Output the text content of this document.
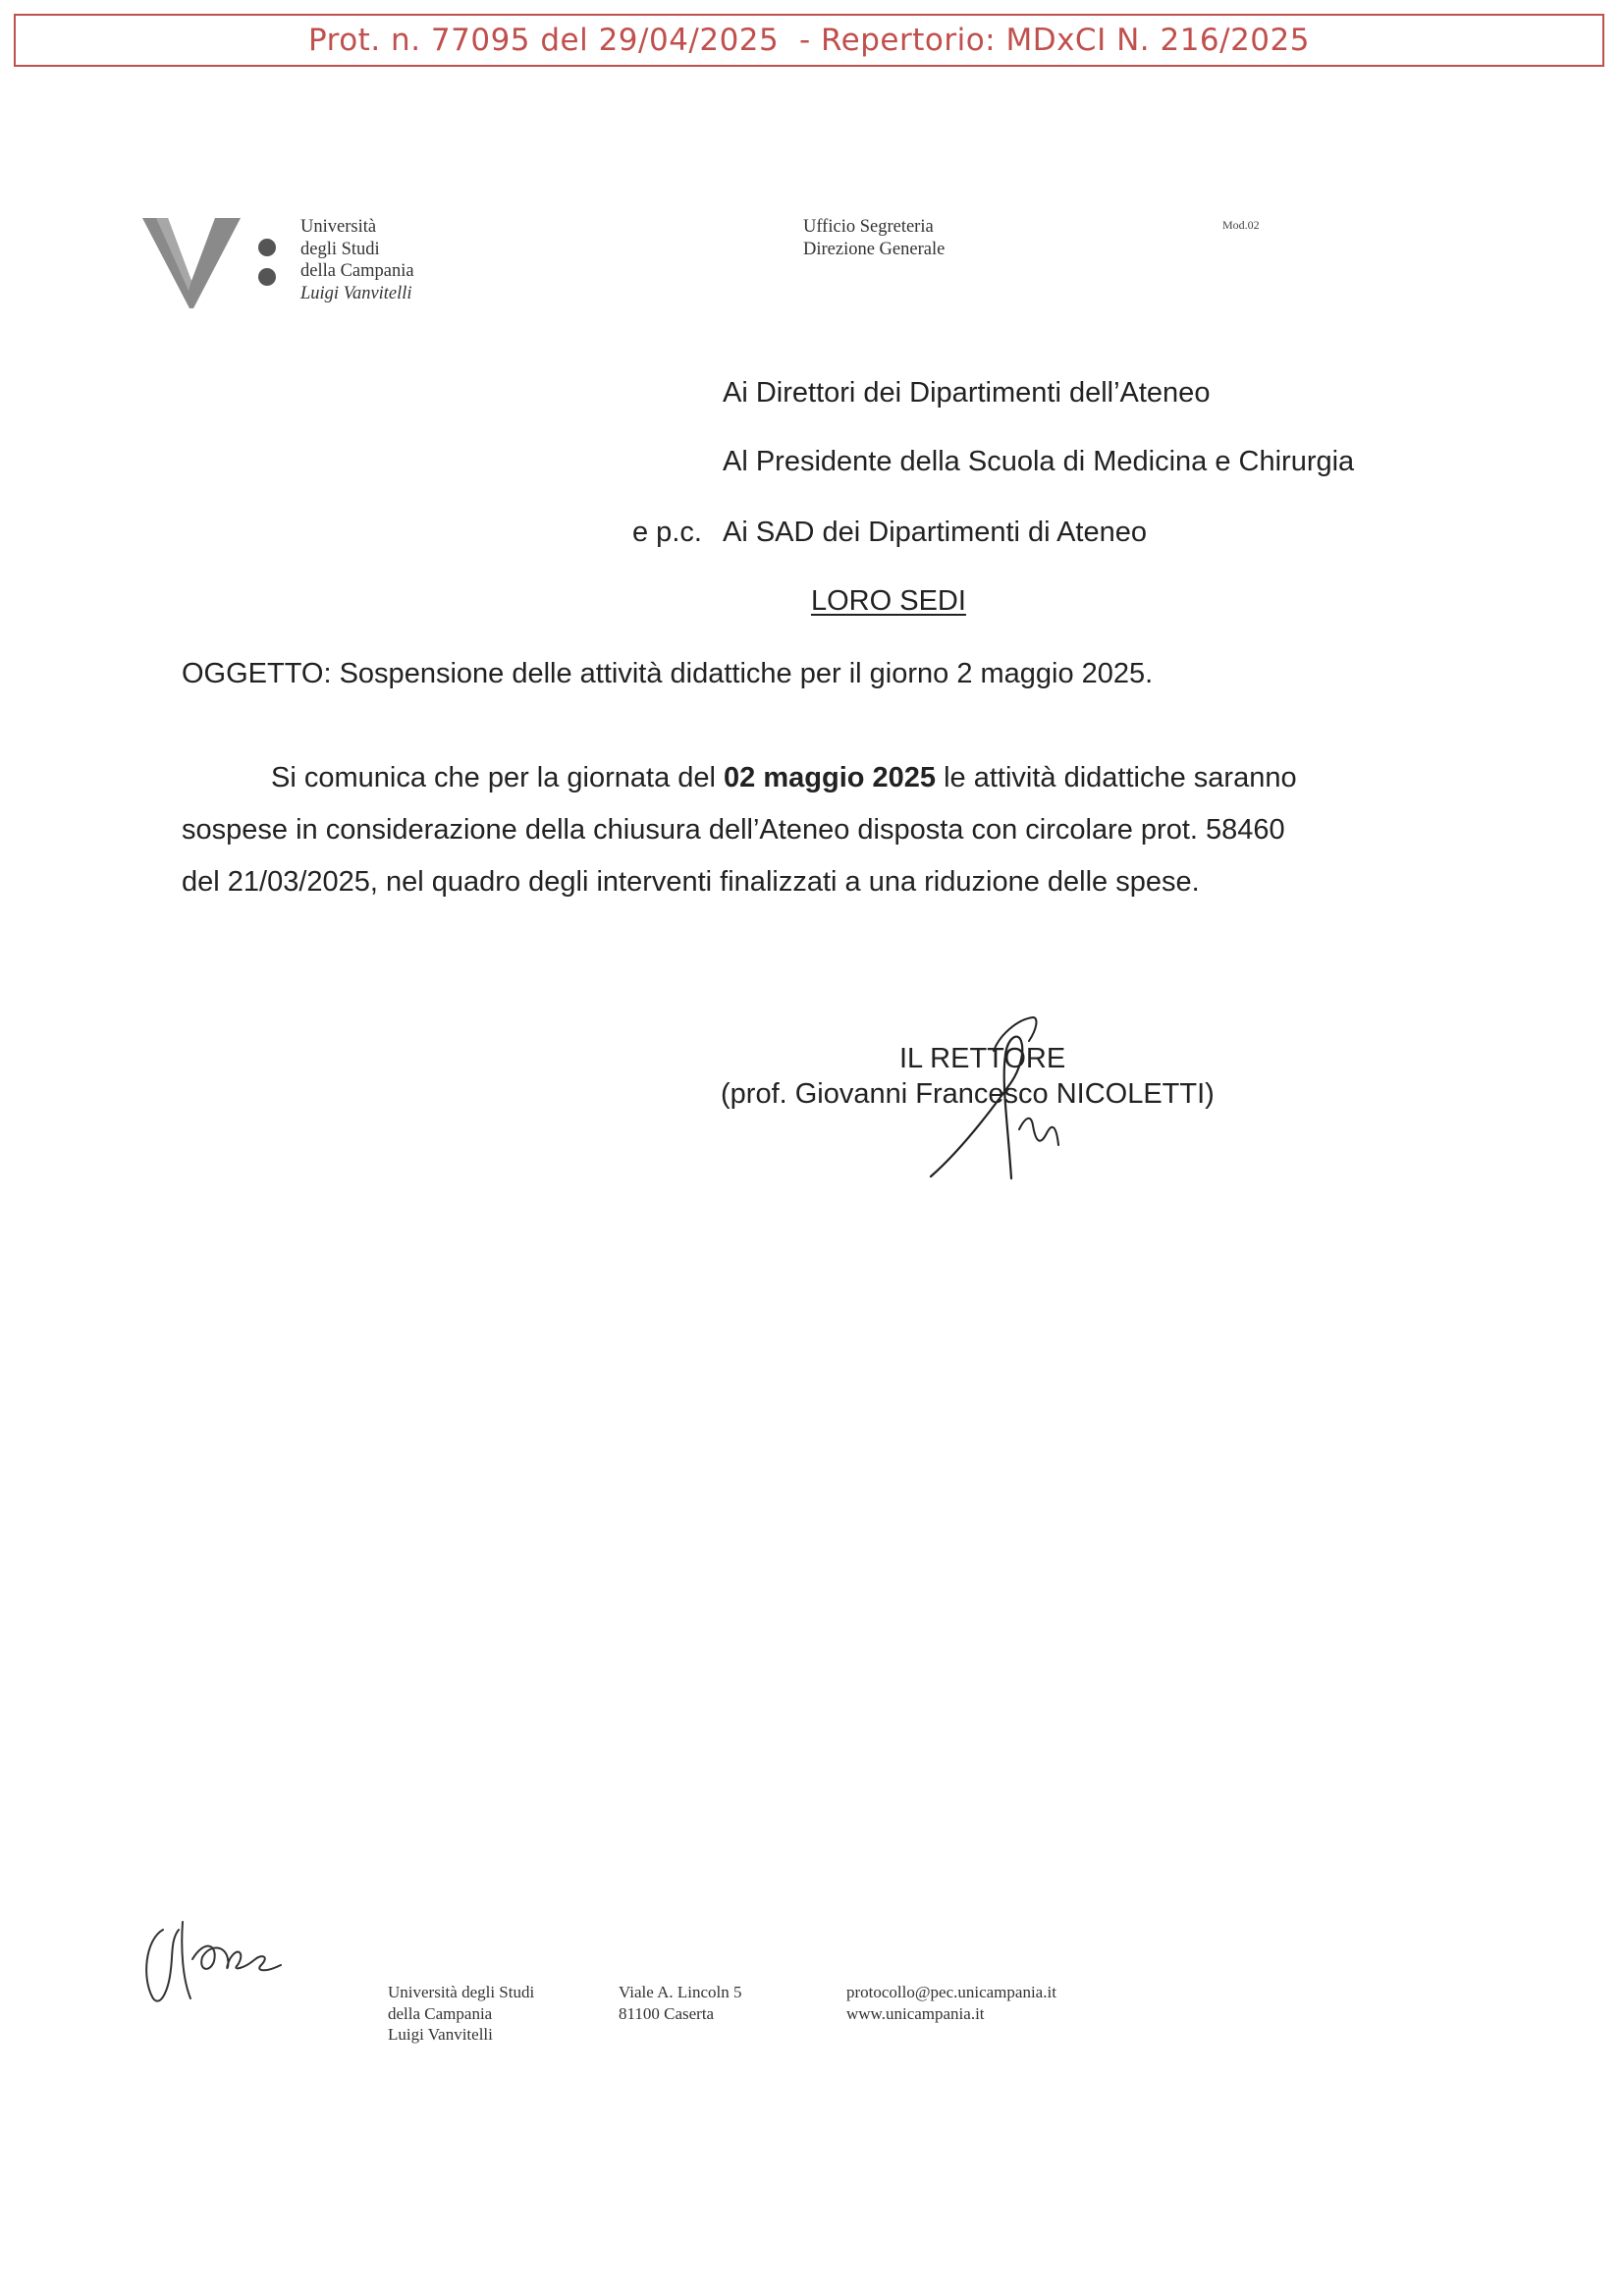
Prot. n. 77095 del 29/04/2025  - Repertorio: MDxCI N. 216/2025
Università
degli Studi
della Campania
Luigi Vanvitelli
Ufficio Segreteria
Direzione Generale
Mod.02
Ai Direttori dei Dipartimenti dell’Ateneo
Al Presidente della Scuola di Medicina e Chirurgia
e p.c. Ai SAD dei Dipartimenti di Ateneo
LORO SEDI
OGGETTO: Sospensione delle attività didattiche per il giorno 2 maggio 2025.
Si comunica che per la giornata del 02 maggio 2025 le attività didattiche saranno
sospese in considerazione della chiusura dell’Ateneo disposta con circolare prot. 58460
del 21/03/2025, nel quadro degli interventi finalizzati a una riduzione delle spese.
IL RETTORE
(prof. Giovanni Francesco NICOLETTI)
Università degli Studi
della Campania
Luigi Vanvitelli
Viale A. Lincoln 5
81100 Caserta
protocollo@pec.unicampania.it
www.unicampania.it
